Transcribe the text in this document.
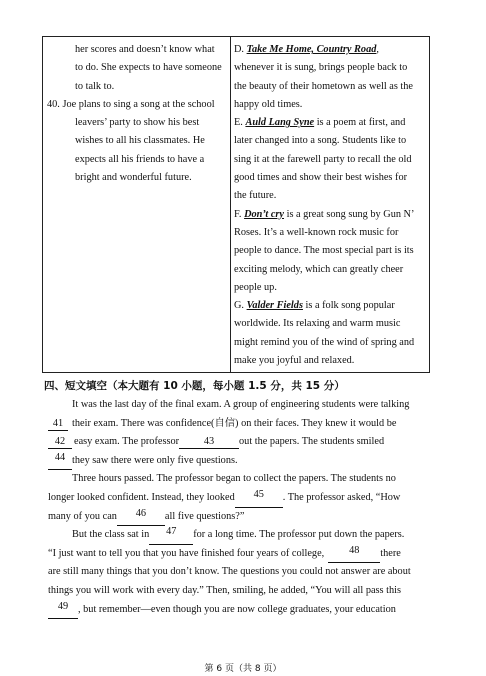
her scores and doesn’t know what
to do. She expects to have someone
to talk to.
40. Joe plans to sing a song at the school
leavers’ party to show his best
wishes to all his classmates. He
expects all his friends to have a
bright and wonderful future.
D. Take Me Home, Country Road,
whenever it is sung, brings people back to
the beauty of their hometown as well as the
happy old times.
E. Auld Lang Syne is a poem at first, and
later changed into a song. Students like to
sing it at the farewell party to recall the old
good times and show their best wishes for
the future.
F. Don’t cry is a great song sung by Gun N’
Roses. It’s a well-known rock music for
people to dance. The most special part is its
exciting melody, which can greatly cheer
people up.
G. Valder Fields is a folk song popular
worldwide. Its relaxing and warm music
might remind you of the wind of spring and
make you joyful and relaxed.
四、短文填空（本大题有 10 小题，每小题 1.5 分，共 15 分）
It was the last day of the final exam. A group of engineering students were talking
41 their exam. There was confidence(自信) on their faces. They knew it would be
42 easy exam. The professor 43 out the papers. The students smiled
44 they saw there were only five questions.
Three hours passed. The professor began to collect the papers. The students no
longer looked confident. Instead, they looked	45	. The professor asked, “How
many of you can	46	all five questions?”
But the class sat in	47	for a long time. The professor put down the papers.
“I just want to tell you that you have finished four years of college,	48	there
are still many things that you don’t know. The questions you could not answer are about
things you will work with every day.” Then, smiling, he added, “You will all pass this
49 , but remember—even though you are now college graduates, your education
第 6 页（共 8 页）
